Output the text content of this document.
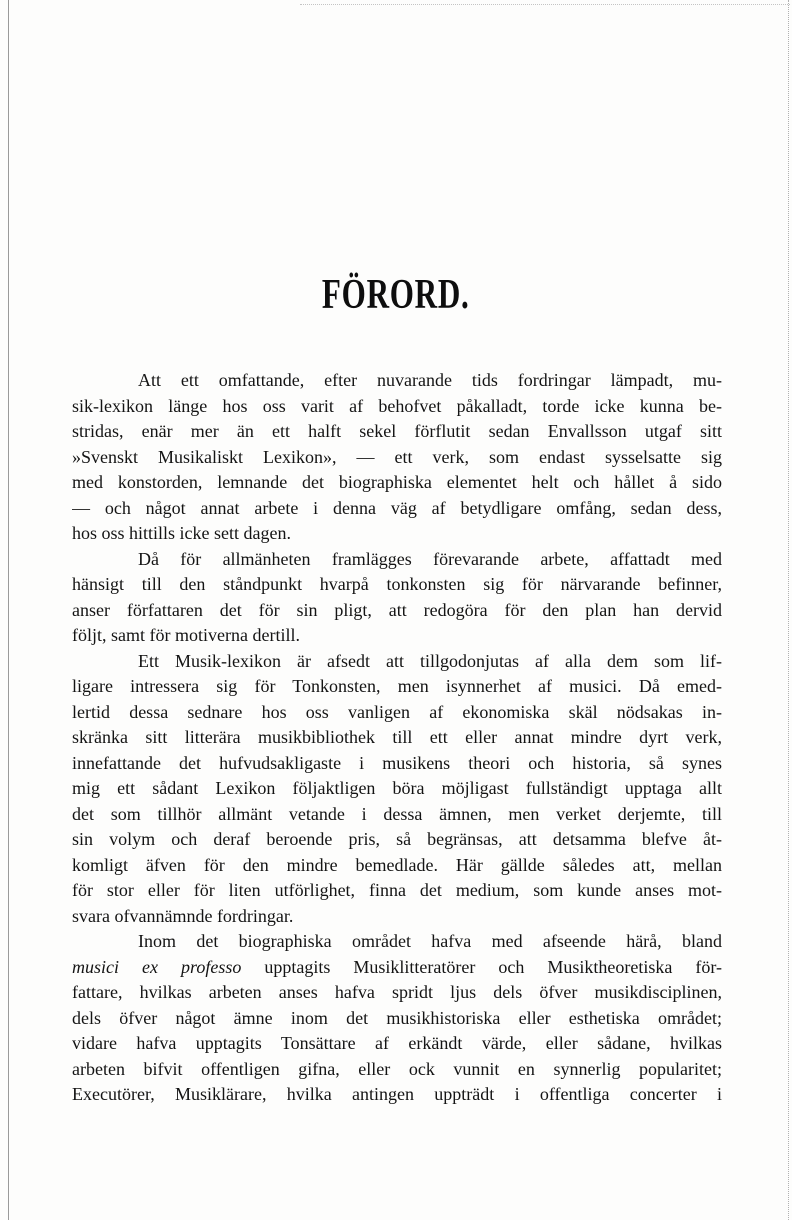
FÖRORD.
Att ett omfattande, efter nuvarande tids fordringar lämpadt, mu-
sik-lexikon länge hos oss varit af behofvet påkalladt, torde icke kunna be-
stridas, enär mer än ett halft sekel förflutit sedan Envallsson utgaf sitt
»Svenskt Musikaliskt Lexikon», — ett verk, som endast sysselsatte sig
med konstorden, lemnande det biographiska elementet helt och hållet å sido
— och något annat arbete i denna väg af betydligare omfång, sedan dess,
hos oss hittills icke sett dagen.
Då för allmänheten framlägges förevarande arbete, affattadt med
hänsigt till den ståndpunkt hvarpå tonkonsten sig för närvarande befinner,
anser författaren det för sin pligt, att redogöra för den plan han dervid
följt, samt för motiverna dertill.
Ett Musik-lexikon är afsedt att tillgodonjutas af alla dem som lif-
ligare intressera sig för Tonkonsten, men isynnerhet af musici. Då emed-
lertid dessa sednare hos oss vanligen af ekonomiska skäl nödsakas in-
skränka sitt litterära musikbibliothek till ett eller annat mindre dyrt verk,
innefattande det hufvudsakligaste i musikens theori och historia, så synes
mig ett sådant Lexikon följaktligen böra möjligast fullständigt upptaga allt
det som tillhör allmänt vetande i dessa ämnen, men verket derjemte, till
sin volym och deraf beroende pris, så begränsas, att detsamma blefve åt-
komligt äfven för den mindre bemedlade. Här gällde således att, mellan
för stor eller för liten utförlighet, finna det medium, som kunde anses mot-
svara ofvannämnde fordringar.
Inom det biographiska området hafva med afseende härå, bland
musici ex professo upptagits Musiklitteratörer och Musiktheoretiska för-
fattare, hvilkas arbeten anses hafva spridt ljus dels öfver musikdisciplinen,
dels öfver något ämne inom det musikhistoriska eller esthetiska området;
vidare hafva upptagits Tonsättare af erkändt värde, eller sådane, hvilkas
arbeten bifvit offentligen gifna, eller ock vunnit en synnerlig popularitet;
Executörer, Musiklärare, hvilka antingen uppträdt i offentliga concerter i
